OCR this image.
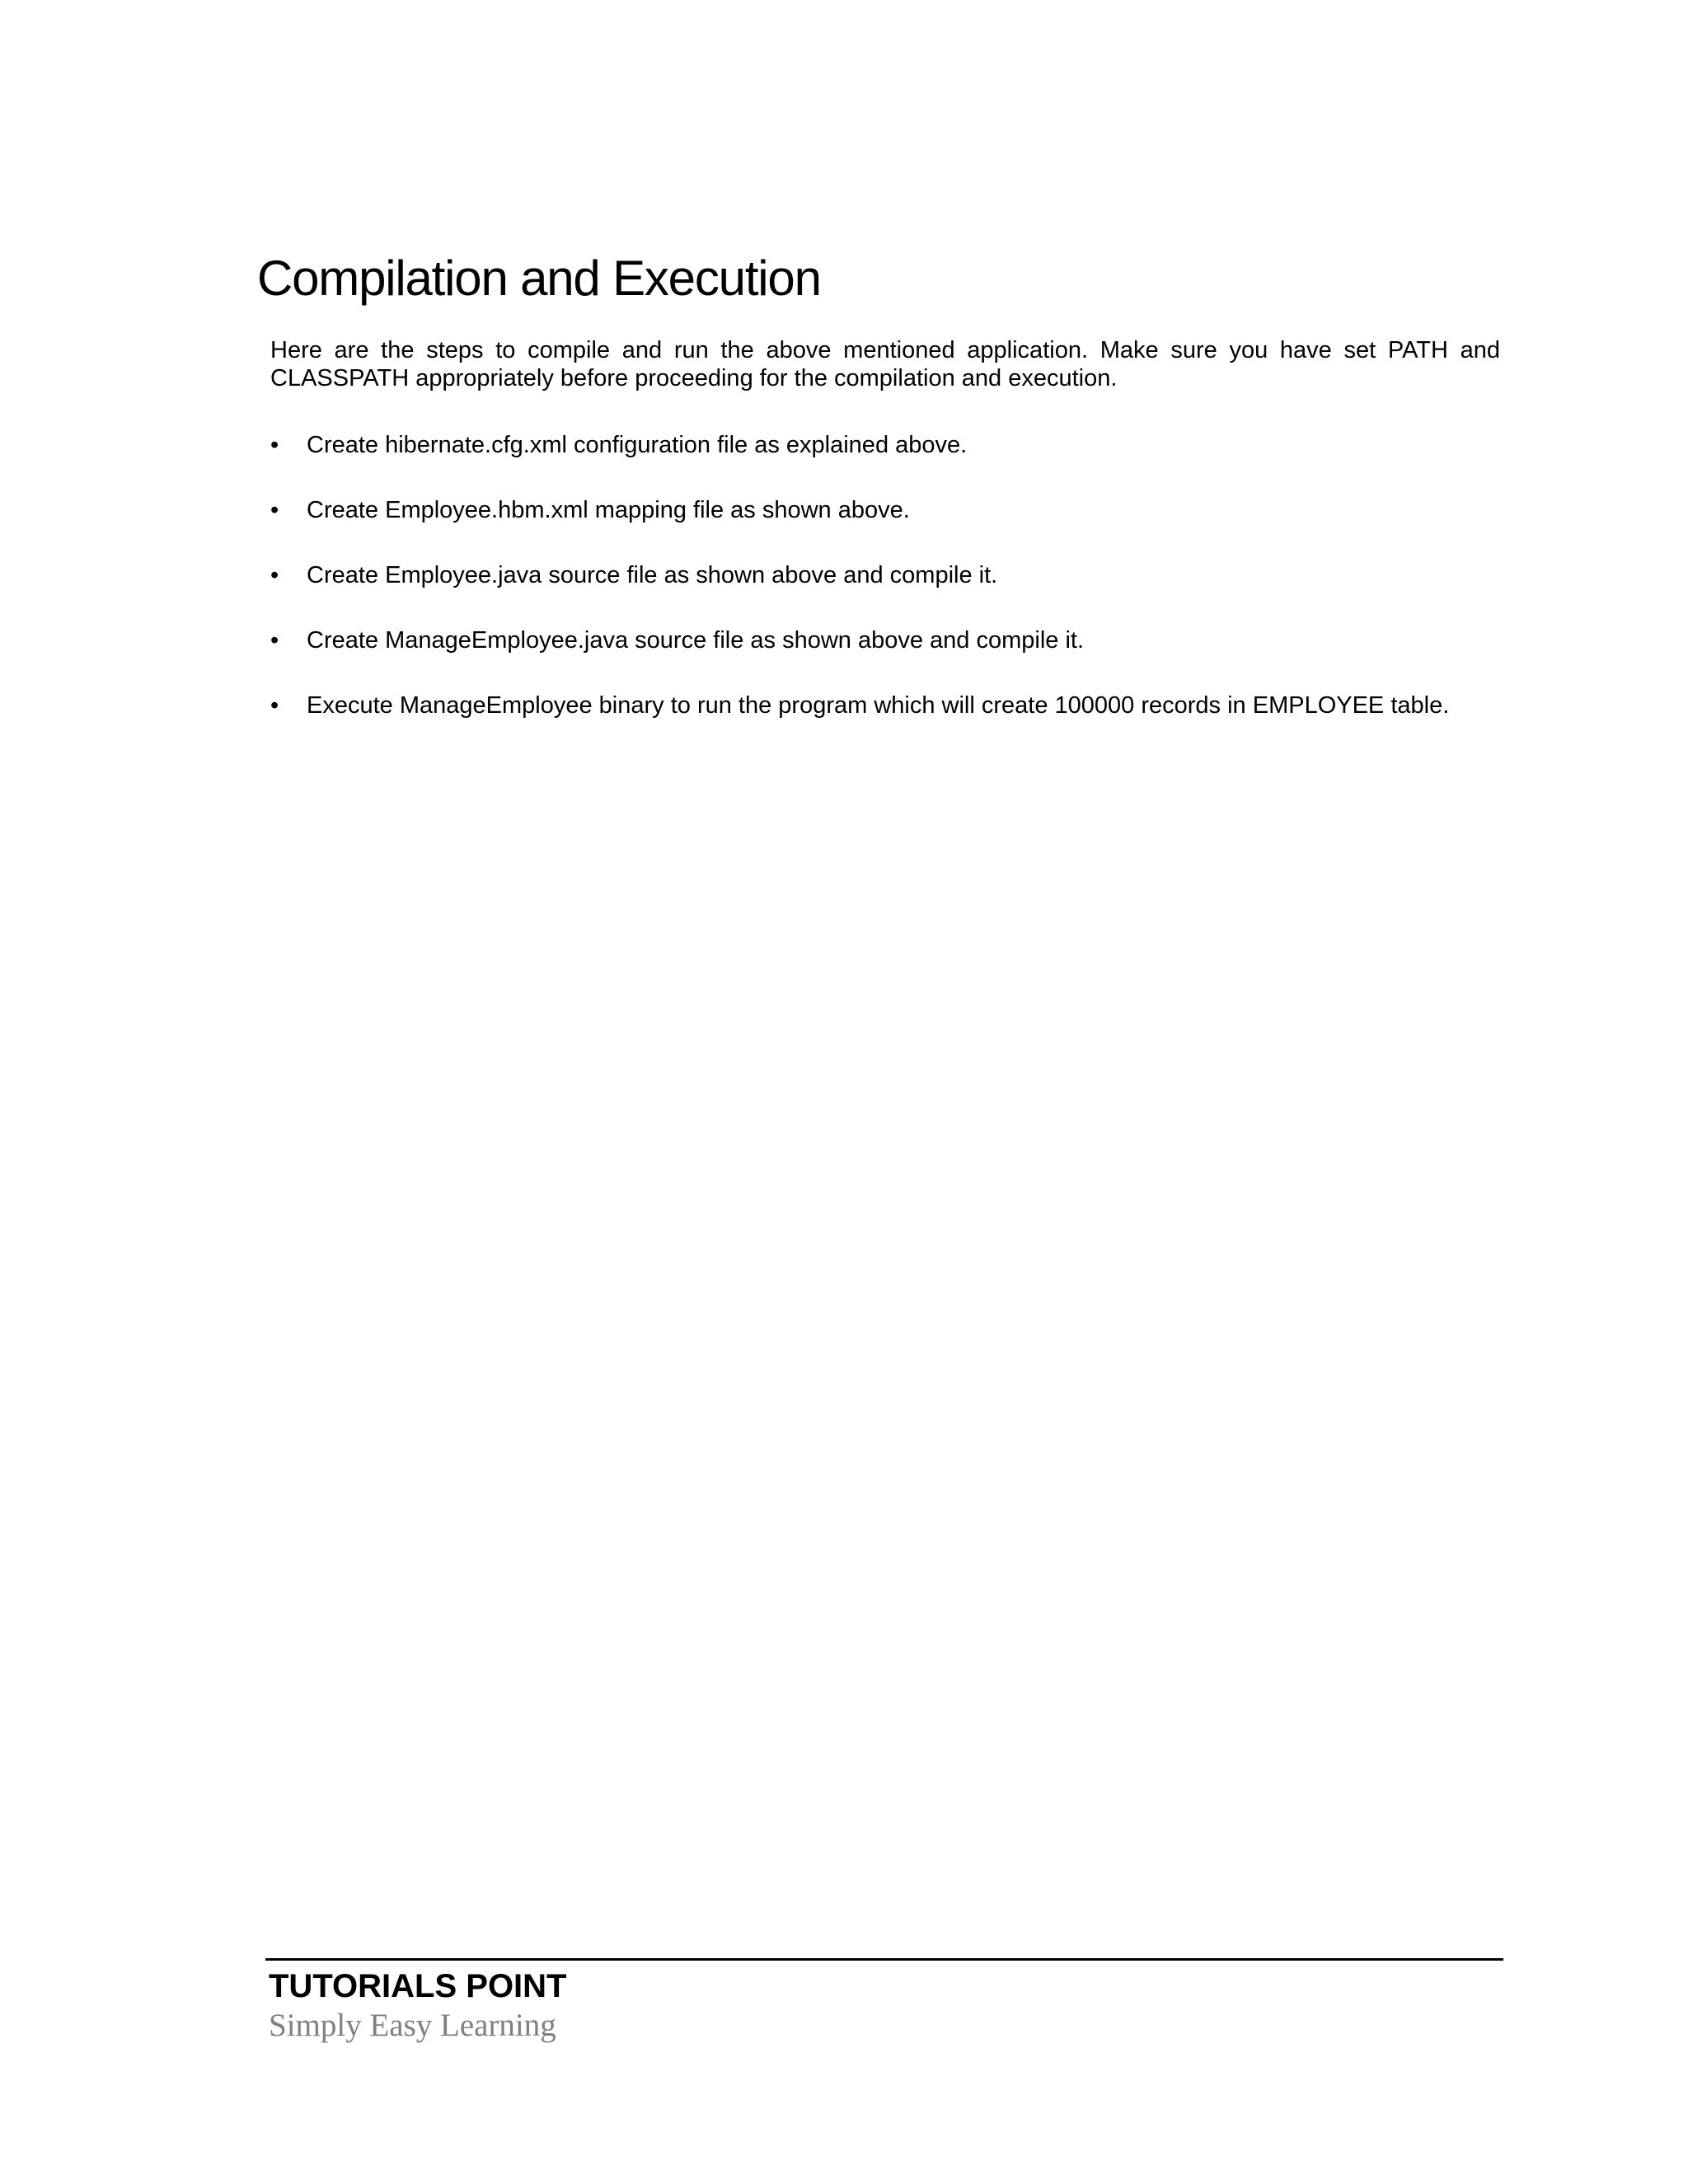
Compilation and Execution

Here are the steps to compile and run the above mentioned application. Make sure you have set PATH and CLASSPATH appropriately before proceeding for the compilation and execution.

•	Create hibernate.cfg.xml configuration file as explained above.
•	Create Employee.hbm.xml mapping file as shown above.
•	Create Employee.java source file as shown above and compile it.
•	Create ManageEmployee.java source file as shown above and compile it.
•	Execute ManageEmployee binary to run the program which will create 100000 records in EMPLOYEE table.
TUTORIALS POINT
Simply Easy Learning
